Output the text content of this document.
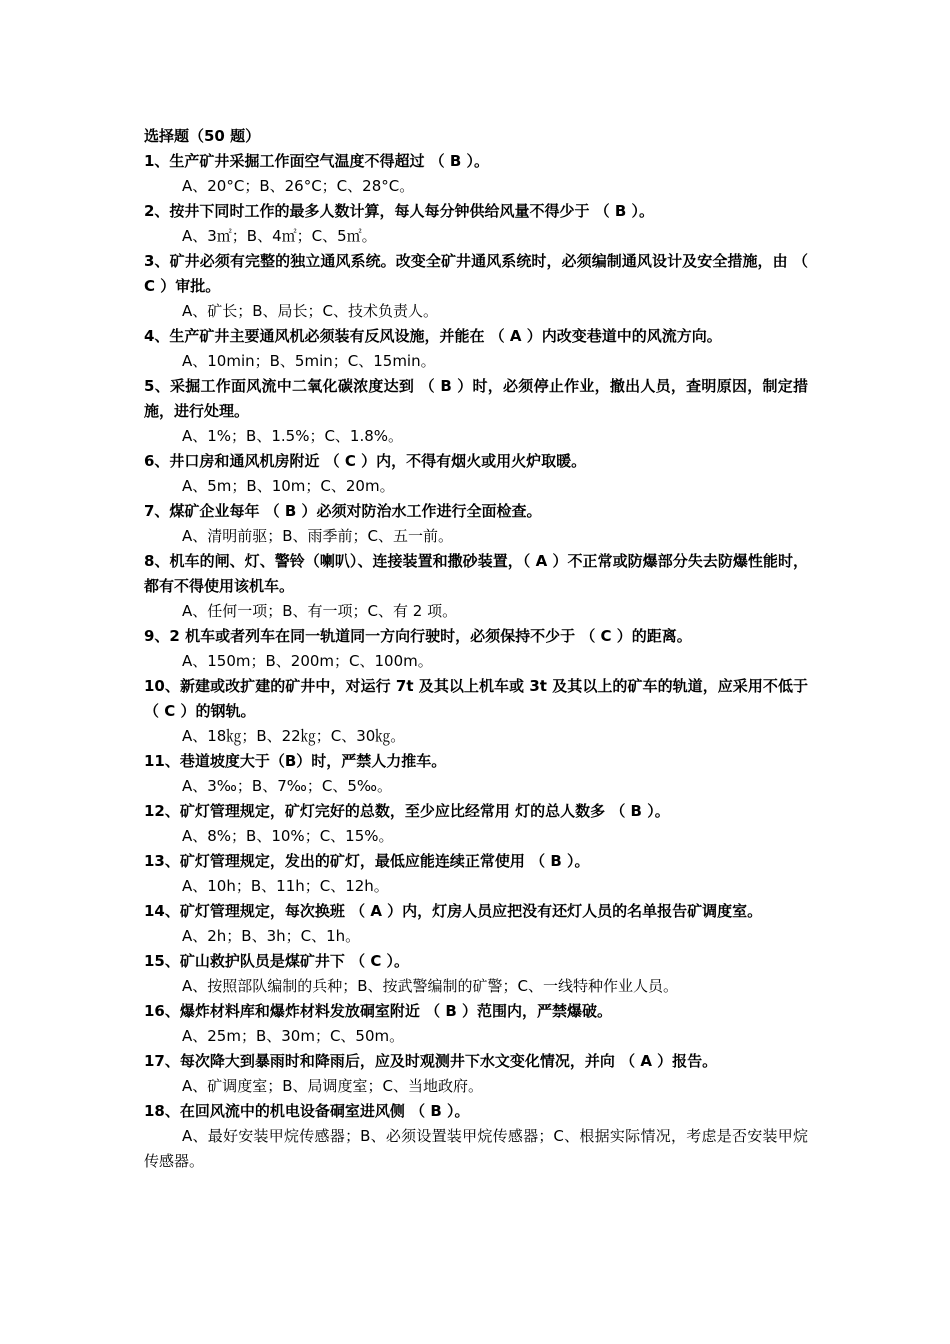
选择题（50 题）
1、生产矿井采掘工作面空气温度不得超过 （ B ）。
A、20°C；B、26°C；C、28°C。
2、按井下同时工作的最多人数计算，每人每分钟供给风量不得少于 （ B ）。
A、3㎡；B、4㎡；C、5㎡。
3、矿井必须有完整的独立通风系统。改变全矿井通风系统时，必须编制通风设计及安全措施，由 （ C ）审批。
A、矿长；B、局长；C、技术负责人。
4、生产矿井主要通风机必须装有反风设施，并能在 （ A ）内改变巷道中的风流方向。
A、10min；B、5min；C、15min。
5、采掘工作面风流中二氧化碳浓度达到 （ B ）时，必须停止作业，撤出人员，查明原因，制定措施，进行处理。
A、1%；B、1.5%；C、1.8%。
6、井口房和通风机房附近 （ C ）内，不得有烟火或用火炉取暖。
A、5m；B、10m；C、20m。
7、煤矿企业每年 （ B ）必须对防治水工作进行全面检查。
A、清明前驱；B、雨季前；C、五一前。
8、机车的闸、灯、警铃（喇叭）、连接装置和撒砂装置，（ A ）不正常或防爆部分失去防爆性能时，都有不得使用该机车。
A、任何一项；B、有一项；C、有 2 项。
9、2 机车或者列车在同一轨道同一方向行驶时，必须保持不少于 （ C ）的距离。
A、150m；B、200m；C、100m。
10、新建或改扩建的矿井中，对运行 7t 及其以上机车或 3t 及其以上的矿车的轨道，应采用不低于 （ C ）的钢轨。
A、18㎏；B、22㎏；C、30㎏。
11、巷道坡度大于（B）时，严禁人力推车。
A、3‰；B、7‰；C、5‰。
12、矿灯管理规定，矿灯完好的总数，至少应比经常用 灯的总人数多 （ B ）。
A、8%；B、10%；C、15%。
13、矿灯管理规定，发出的矿灯，最低应能连续正常使用 （ B ）。
A、10h；B、11h；C、12h。
14、矿灯管理规定，每次换班 （ A ）内，灯房人员应把没有还灯人员的名单报告矿调度室。
A、2h；B、3h；C、1h。
15、矿山救护队员是煤矿井下 （ C ）。
A、按照部队编制的兵种；B、按武警编制的矿警；C、一线特种作业人员。
16、爆炸材料库和爆炸材料发放硐室附近 （ B ）范围内，严禁爆破。
A、25m；B、30m；C、50m。
17、每次降大到暴雨时和降雨后，应及时观测井下水文变化情况，并向 （ A ）报告。
A、矿调度室；B、局调度室；C、当地政府。
18、在回风流中的机电设备硐室进风侧 （ B ）。
A、最好安装甲烷传感器；B、必须设置装甲烷传感器；C、根据实际情况，考虑是否安装甲烷传感器。
